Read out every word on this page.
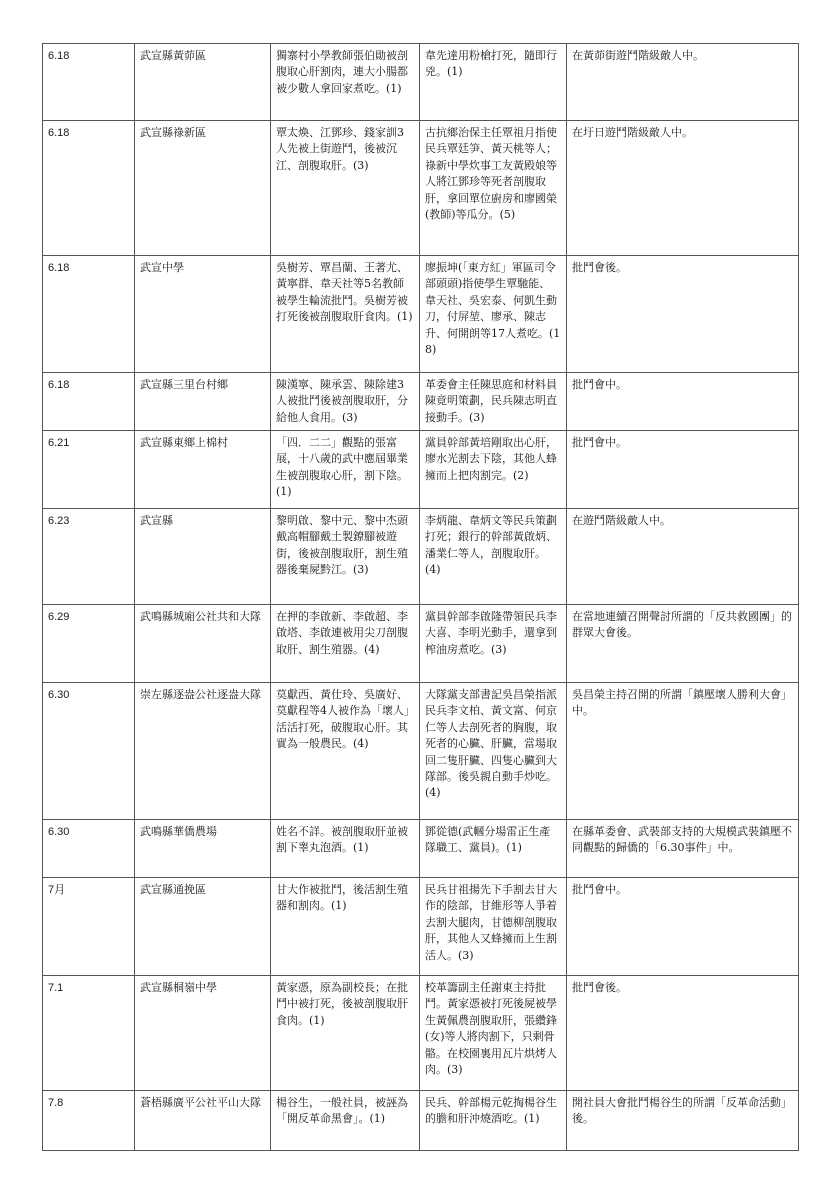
6.18	武宣縣黃茆區	獨寨村小學教師張伯勛被剖腹取心肝割肉，連大小腸都被少數人拿回家煮吃。(1)	韋先達用粉槍打死，隨即行兇。(1)	在黃茆街遊鬥階級敵人中。
6.18	武宣縣祿新區	覃太煥、江鄧珍、錢家訓3人先被上街遊鬥，後被沉江、剖腹取肝。(3)	古抗鄉治保主任覃祖月指使民兵覃廷笋、黃天桃等人；祿新中學炊事工友黃殿娘等人將江鄧珍等死者剖腹取肝，拿回單位廚房和廖國榮(教師)等瓜分。(5)	在圩日遊鬥階級敵人中。
6.18	武宣中學	吳樹芳、覃昌蘭、王著尤、黃寧群、韋天社等5名教師被學生輪流批鬥。吳樹芳被打死後被剖腹取肝食肉。(1)	廖振坤(「東方紅」軍區司令部頭頭)指使學生覃馳能、韋天社、吳宏泰、何凱生動刀，付屏堃、廖承、陳志升、何開朗等17人煮吃。(18)	批鬥會後。
6.18	武宣縣三里台村鄉	陳漢寧、陳承雲、陳除建3人被批鬥後被剖腹取肝，分給他人食用。(3)	革委會主任陳思庭和材料員陳竟明策劃，民兵陳志明直接動手。(3)	批鬥會中。
6.21	武宣縣東鄉上棉村	「四．二二」觀點的張富展，十八歲的武中應屆畢業生被剖腹取心肝，割下陰。(1)	黨員幹部黃培剛取出心肝，廖水光割去下陰，其他人蜂擁而上把肉割完。(2)	批鬥會中。
6.23	武宣縣	黎明啟、黎中元、黎中杰頭戴高帽腳戴土製鐐腳被遊街，後被剖腹取肝，割生殖器後棄屍黔江。(3)	李炳龍、韋炳文等民兵策劃打死；銀行的幹部黃啟炳、潘業仁等人，剖腹取肝。(4)	在遊鬥階級敵人中。
6.29	武鳴縣城廂公社共和大隊	在押的李啟新、李啟超、李啟塔、李啟連被用尖刀剖腹取肝、割生殖器。(4)	黨員幹部李啟隆帶領民兵李大喜、李明光動手，還拿到榨油房煮吃。(3)	在當地連續召開聲討所謂的「反共救國團」的群眾大會後。
6.30	崇左縣逐盎公社逐盎大隊	莫獻西、黃仕玲、吳廣好、莫獻程等4人被作為「壞人」活活打死，破腹取心肝。其實為一般農民。(4)	大隊黨支部書記吳昌榮指派民兵李文柏、黃文富、何京仁等人去剖死者的胸腹，取死者的心臟、肝臟，當場取回二隻肝臟、四隻心臟到大隊部。後吳親自動手炒吃。(4)	吳昌榮主持召開的所謂「鎮壓壞人勝利大會」中。
6.30	武鳴縣華僑農場	姓名不詳。被剖腹取肝並被割下睾丸泡酒。(1)	鄧從德(武幗分場雷正生產隊職工、黨員)。(1)	在縣革委會、武裝部支持的大規模武裝鎮壓不同觀點的歸僑的「6.30事件」中。
7月	武宣縣通挽區	甘大作被批鬥，後活割生殖器和割肉。(1)	民兵甘祖揚先下手割去甘大作的陰部，甘維形等人爭着去割大腿肉，甘德柳剖腹取肝，其他人又蜂擁而上生割活人。(3)	批鬥會中。
7.1	武宣縣桐嶺中學	黃家憑，原為副校長；在批鬥中被打死，後被剖腹取肝食肉。(1)	校革籌副主任謝東主持批鬥。黃家憑被打死後屍被學生黃佩農剖腹取肝，張纘鋒(女)等人將肉割下，只剩骨骼。在校園裏用瓦片烘烤人肉。(3)	批鬥會後。
7.8	蒼梧縣廣平公社平山大隊	楊谷生，一般社員，被誣為「開反革命黑會」。(1)	民兵、幹部楊元乾掏楊谷生的膽和肝沖燒酒吃。(1)	開社員大會批鬥楊谷生的所謂「反革命活動」後。
